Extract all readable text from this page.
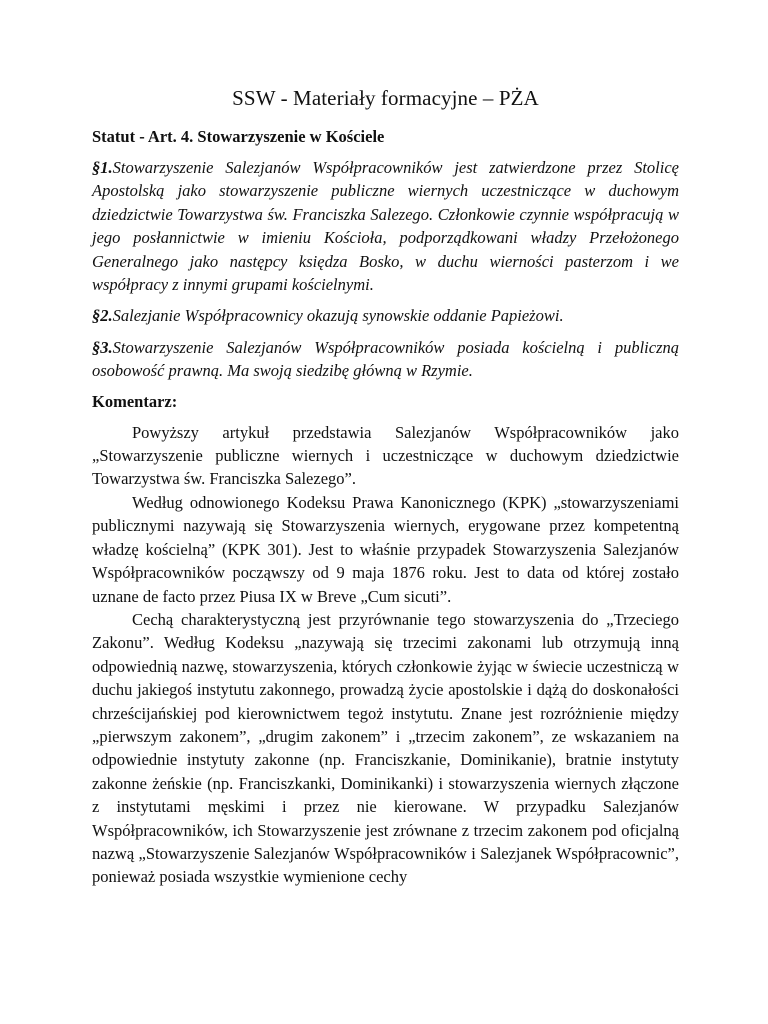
SSW - Materiały formacyjne – PŻA
Statut - Art. 4. Stowarzyszenie w Kościele

§1.Stowarzyszenie Salezjanów Współpracowników jest zatwierdzone przez Stolicę Apostolską jako stowarzyszenie publiczne wiernych uczestniczące w duchowym dziedzictwie Towarzystwa św. Franciszka Salezego. Członkowie czynnie współpracują w jego posłannictwie w imieniu Kościoła, podporządkowani władzy Przełożonego Generalnego jako następcy księdza Bosko, w duchu wierności pasterzom i we współpracy z innymi grupami kościelnymi.

§2.Salezjanie Współpracownicy okazują synowskie oddanie Papieżowi.

§3.Stowarzyszenie Salezjanów Współpracowników posiada kościelną i publiczną osobowość prawną. Ma swoją siedzibę główną w Rzymie.

Komentarz:

Powyższy artykuł przedstawia Salezjanów Współpracowników jako „Stowarzyszenie publiczne wiernych i uczestniczące w duchowym dziedzictwie Towarzystwa św. Franciszka Salezego”.

Według odnowionego Kodeksu Prawa Kanonicznego (KPK) „stowarzyszeniami publicznymi nazywają się Stowarzyszenia wiernych, erygowane przez kompetentną władzę kościelną” (KPK 301). Jest to właśnie przypadek Stowarzyszenia Salezjanów Współpracowników począwszy od 9 maja 1876 roku. Jest to data od której zostało uznane de facto przez Piusa IX w Breve „Cum sicuti”.

Cechą charakterystyczną jest przyrównanie tego stowarzyszenia do „Trzeciego Zakonu”. Według Kodeksu „nazywają się trzecimi zakonami lub otrzymują inną odpowiednią nazwę, stowarzyszenia, których członkowie żyjąc w świecie uczestniczą w duchu jakiegoś instytutu zakonnego, prowadzą życie apostolskie i dążą do doskonałości chrześcijańskiej pod kierownictwem tegoż instytutu. Znane jest rozróżnienie między „pierwszym zakonem”, „drugim zakonem” i „trzecim zakonem”, ze wskazaniem na odpowiednie instytuty zakonne (np. Franciszkanie, Dominikanie), bratnie instytuty zakonne żeńskie (np. Franciszkanki, Dominikanki) i stowarzyszenia wiernych złączone z instytutami męskimi i przez nie kierowane. W przypadku Salezjanów Współpracowników, ich Stowarzyszenie jest zrównane z trzecim zakonem pod oficjalną nazwą „Stowarzyszenie Salezjanów Współpracowników i Salezjanek Współpracownic”, ponieważ posiada wszystkie wymienione cechy
